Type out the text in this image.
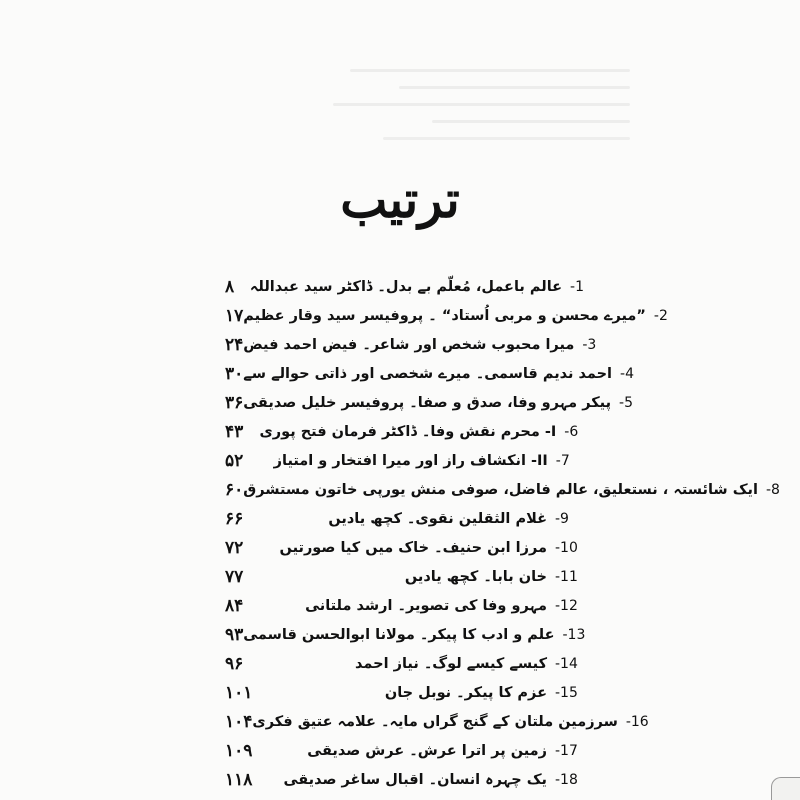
ترتیب
۸	عالم باعمل، مُعلّم بے بدل۔ ڈاکٹر سید عبداللہ -1
۱۷ ”میرے محسن و مربی اُستاد“ ۔ پروفیسر سید وقار عظیم -2
۲۴ میرا محبوب شخص اور شاعر۔ فیض احمد فیض -3
۳۰ احمد ندیم قاسمی۔ میرے شخصی اور ذاتی حوالے سے -4
۳۶ پیکر مہرو وفا، صدق و صفا۔ پروفیسر خلیل صدیقی -5
۴۳	I- محرم نقش وفا۔ ڈاکٹر فرمان فتح پوری -6
۵۲	II- انکشاف راز اور میرا افتخار و امتیاز -7
۶۰ ایک شائستہ ، نستعلیق، عالم فاضل، صوفی منش یورپی خاتون مستشرق -8
۶۶	غلام الثقلین نقوی۔ کچھ یادیں -9
۷۲	مرزا ابن حنیف۔ خاک میں کیا صورتیں -10
۷۷	خان بابا۔ کچھ یادیں -11
۸۴	مہرو وفا کی تصویر۔ ارشد ملتانی -12
۹۳ علم و ادب کا پیکر۔ مولانا ابوالحسن قاسمی -13
۹۶	کیسے کیسے لوگ۔ نیاز احمد -14
۱۰۱	عزم کا پیکر۔ نوبل جان -15
۱۰۴ سرزمین ملتان کے گنج گراں مایہ۔ علامہ عتیق فکری -16
۱۰۹	زمین پر اترا عرش۔ عرش صدیقی -17
۱۱۸	یک چہرہ انسان۔ اقبال ساغر صدیقی -18
